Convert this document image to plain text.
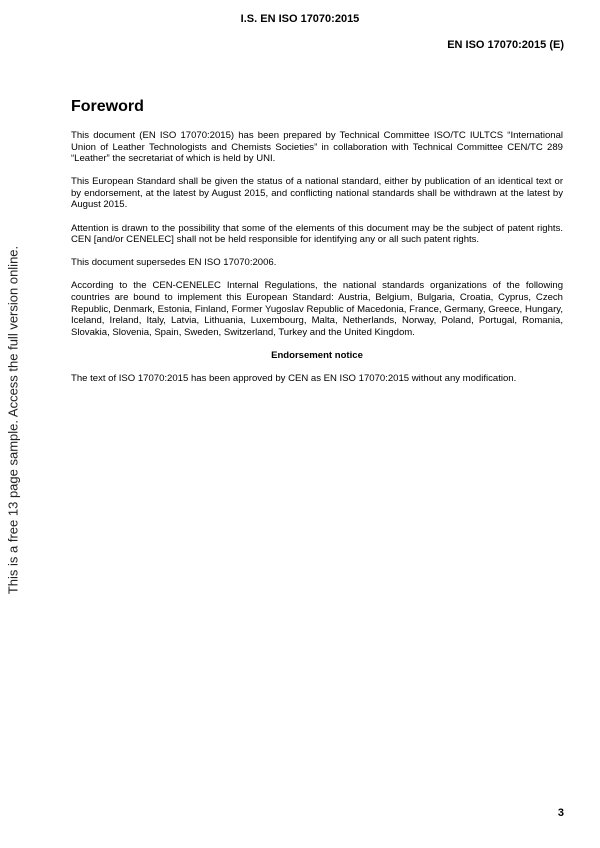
I.S. EN ISO 17070:2015
EN ISO 17070:2015 (E)
This is a free 13 page sample. Access the full version online.
Foreword

This document (EN ISO 17070:2015) has been prepared by Technical Committee ISO/TC IULTCS “International Union of Leather Technologists and Chemists Societies” in collaboration with Technical Committee CEN/TC 289 “Leather” the secretariat of which is held by UNI.

This European Standard shall be given the status of a national standard, either by publication of an identical text or by endorsement, at the latest by August 2015, and conflicting national standards shall be withdrawn at the latest by August 2015.

Attention is drawn to the possibility that some of the elements of this document may be the subject of patent rights. CEN [and/or CENELEC] shall not be held responsible for identifying any or all such patent rights.

This document supersedes EN ISO 17070:2006.

According to the CEN-CENELEC Internal Regulations, the national standards organizations of the following countries are bound to implement this European Standard: Austria, Belgium, Bulgaria, Croatia, Cyprus, Czech Republic, Denmark, Estonia, Finland, Former Yugoslav Republic of Macedonia, France, Germany, Greece, Hungary, Iceland, Ireland, Italy, Latvia, Lithuania, Luxembourg, Malta, Netherlands, Norway, Poland, Portugal, Romania, Slovakia, Slovenia, Spain, Sweden, Switzerland, Turkey and the United Kingdom.

Endorsement notice

The text of ISO 17070:2015 has been approved by CEN as EN ISO 17070:2015 without any modification.

3
